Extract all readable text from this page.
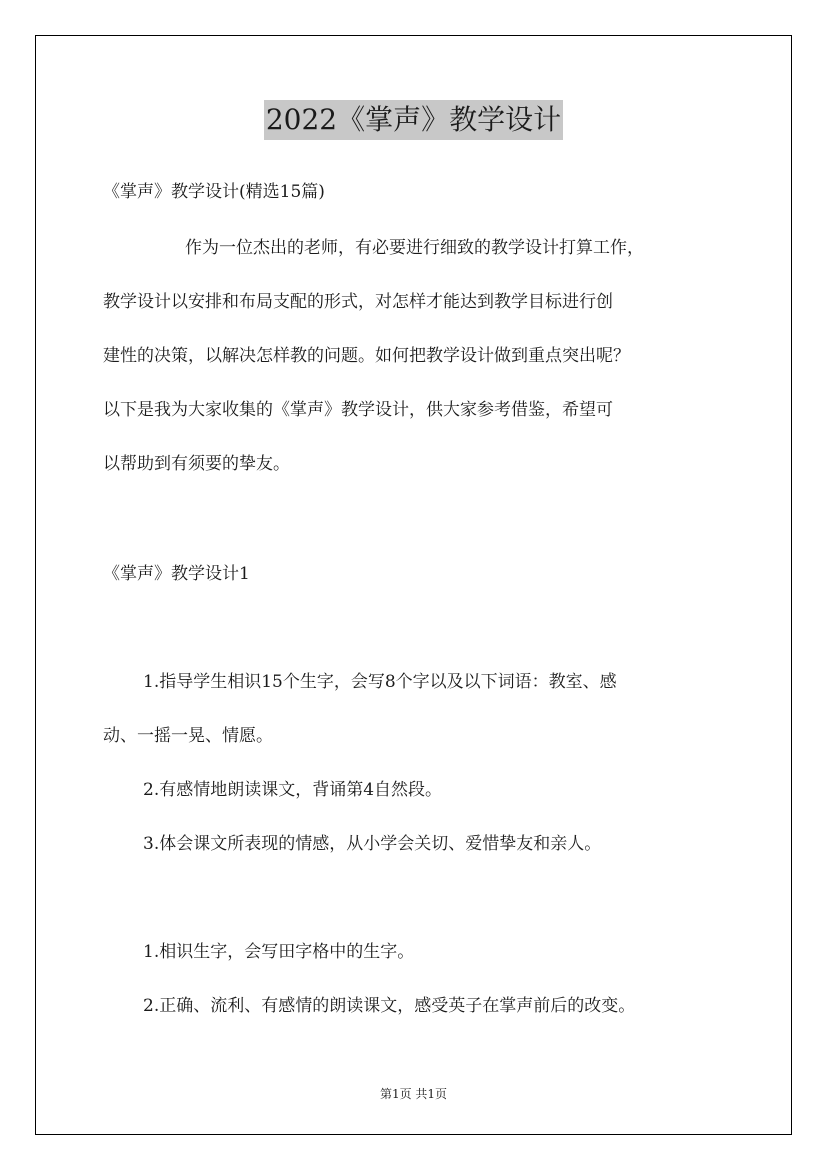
2022《掌声》教学设计
《掌声》教学设计(精选15篇)
作为一位杰出的老师，有必要进行细致的教学设计打算工作，
教学设计以安排和布局支配的形式，对怎样才能达到教学目标进行创
建性的决策，以解决怎样教的问题。如何把教学设计做到重点突出呢？
以下是我为大家收集的《掌声》教学设计，供大家参考借鉴，希望可
以帮助到有须要的挚友。
《掌声》教学设计1
1.指导学生相识15个生字，会写8个字以及以下词语：教室、感
动、一摇一晃、情愿。
2.有感情地朗读课文，背诵第4自然段。
3.体会课文所表现的情感，从小学会关切、爱惜挚友和亲人。
1.相识生字，会写田字格中的生字。
2.正确、流利、有感情的朗读课文，感受英子在掌声前后的改变。
第1页 共1页
